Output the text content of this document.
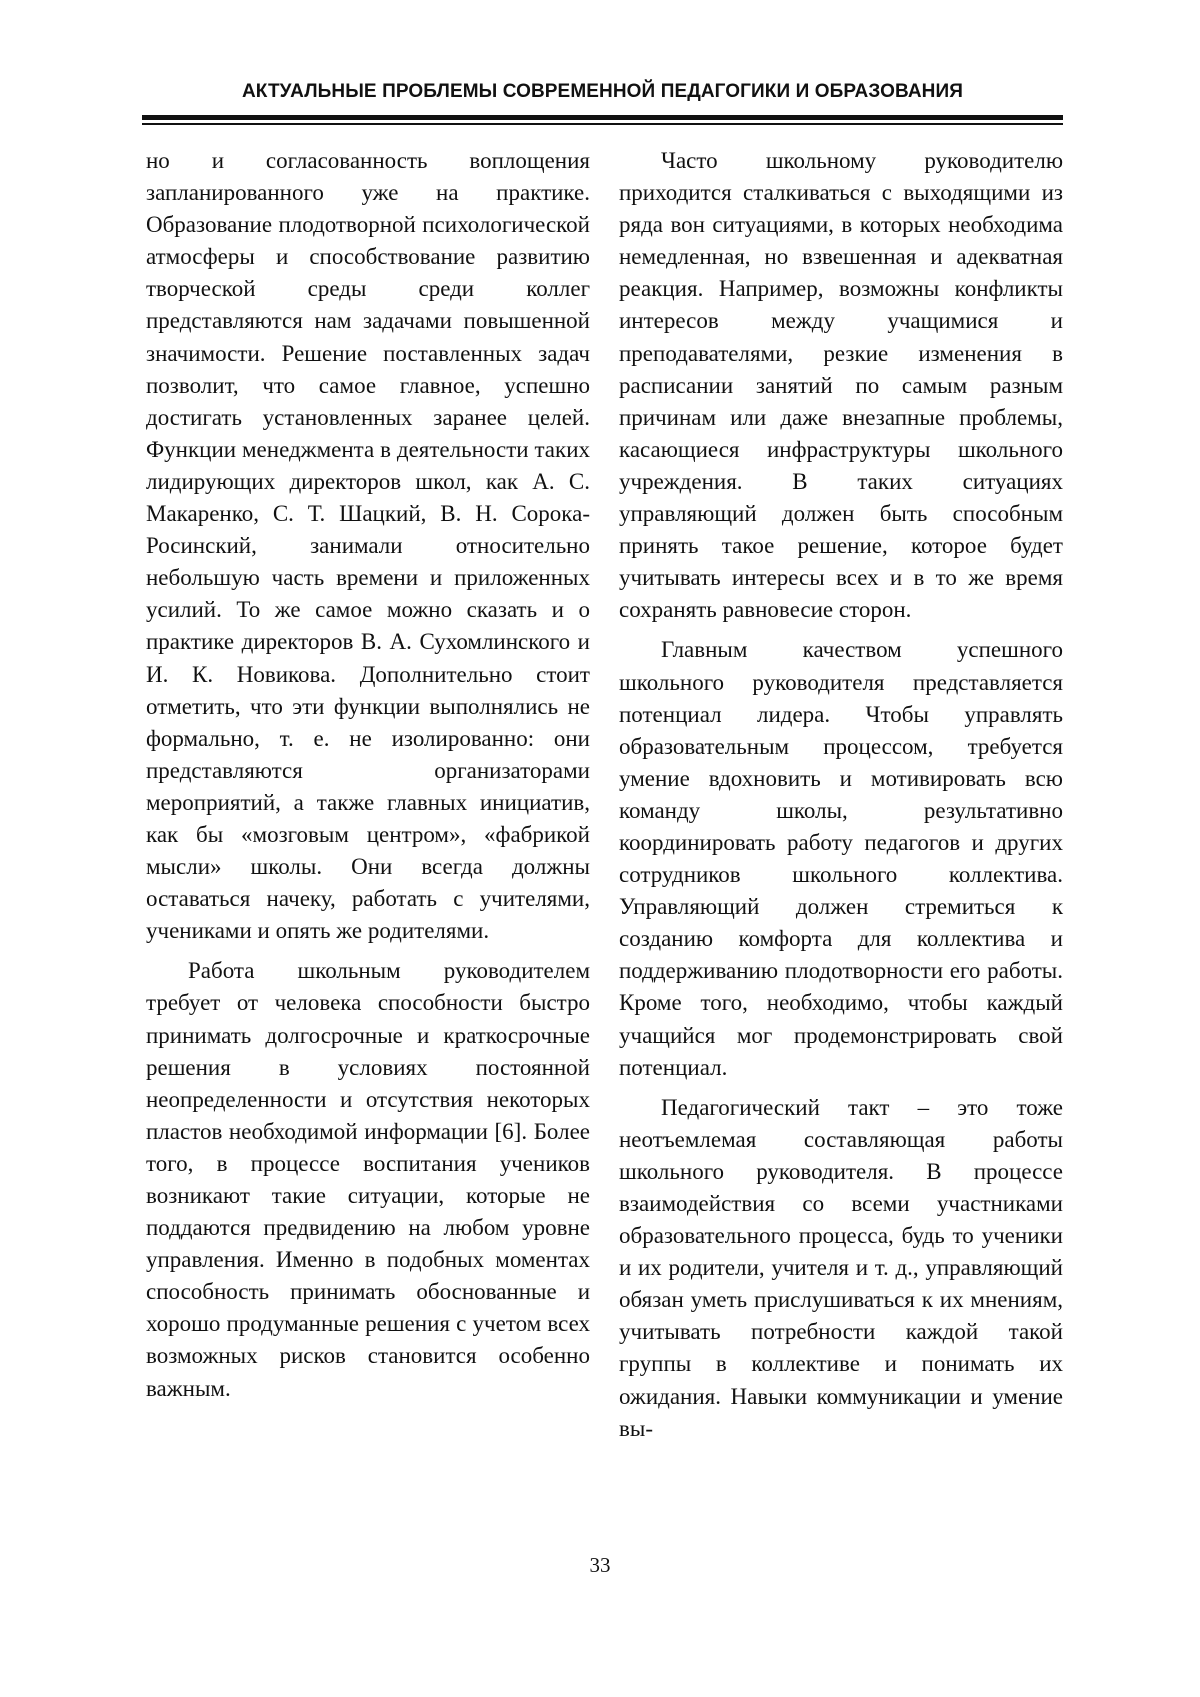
АКТУАЛЬНЫЕ ПРОБЛЕМЫ СОВРЕМЕННОЙ ПЕДАГОГИКИ И ОБРАЗОВАНИЯ

но и согласованность воплощения запланированного уже на практике. Образование плодотворной психологической атмосферы и способствование развитию творческой среды среди коллег представляются нам задачами повышенной значимости. Решение поставленных задач позволит, что самое главное, успешно достигать установленных заранее целей. Функции менеджмента в деятельности таких лидирующих директоров школ, как А. С. Макаренко, С. Т. Шацкий, В. Н. Сорока-Росинский, занимали относительно небольшую часть времени и приложенных усилий. То же самое можно сказать и о практике директоров В. А. Сухомлинского и И. К. Новикова. Дополнительно стоит отметить, что эти функции выполнялись не формально, т. е. не изолированно: они представляются организаторами мероприятий, а также главных инициатив, как бы «мозговым центром», «фабрикой мысли» школы. Они всегда должны оставаться начеку, работать с учителями, учениками и опять же родителями.

Работа школьным руководителем требует от человека способности быстро принимать долгосрочные и краткосрочные решения в условиях постоянной неопределенности и отсутствия некоторых пластов необходимой информации [6]. Более того, в процессе воспитания учеников возникают такие ситуации, которые не поддаются предвидению на любом уровне управления. Именно в подобных моментах способность принимать обоснованные и хорошо продуманные решения с учетом всех возможных рисков становится особенно важным.

Часто школьному руководителю приходится сталкиваться с выходящими из ряда вон ситуациями, в которых необходима немедленная, но взвешенная и адекватная реакция. Например, возможны конфликты интересов между учащимися и преподавателями, резкие изменения в расписании занятий по самым разным причинам или даже внезапные проблемы, касающиеся инфраструктуры школьного учреждения. В таких ситуациях управляющий должен быть способным принять такое решение, которое будет учитывать интересы всех и в то же время сохранять равновесие сторон.

Главным качеством успешного школьного руководителя представляется потенциал лидера. Чтобы управлять образовательным процессом, требуется умение вдохновить и мотивировать всю команду школы, результативно координировать работу педагогов и других сотрудников школьного коллектива. Управляющий должен стремиться к созданию комфорта для коллектива и поддерживанию плодотворности его работы. Кроме того, необходимо, чтобы каждый учащийся мог продемонстрировать свой потенциал.

Педагогический такт – это тоже неотъемлемая составляющая работы школьного руководителя. В процессе взаимодействия со всеми участниками образовательного процесса, будь то ученики и их родители, учителя и т. д., управляющий обязан уметь прислушиваться к их мнениям, учитывать потребности каждой такой группы в коллективе и понимать их ожидания. Навыки коммуникации и умение вы-

33
